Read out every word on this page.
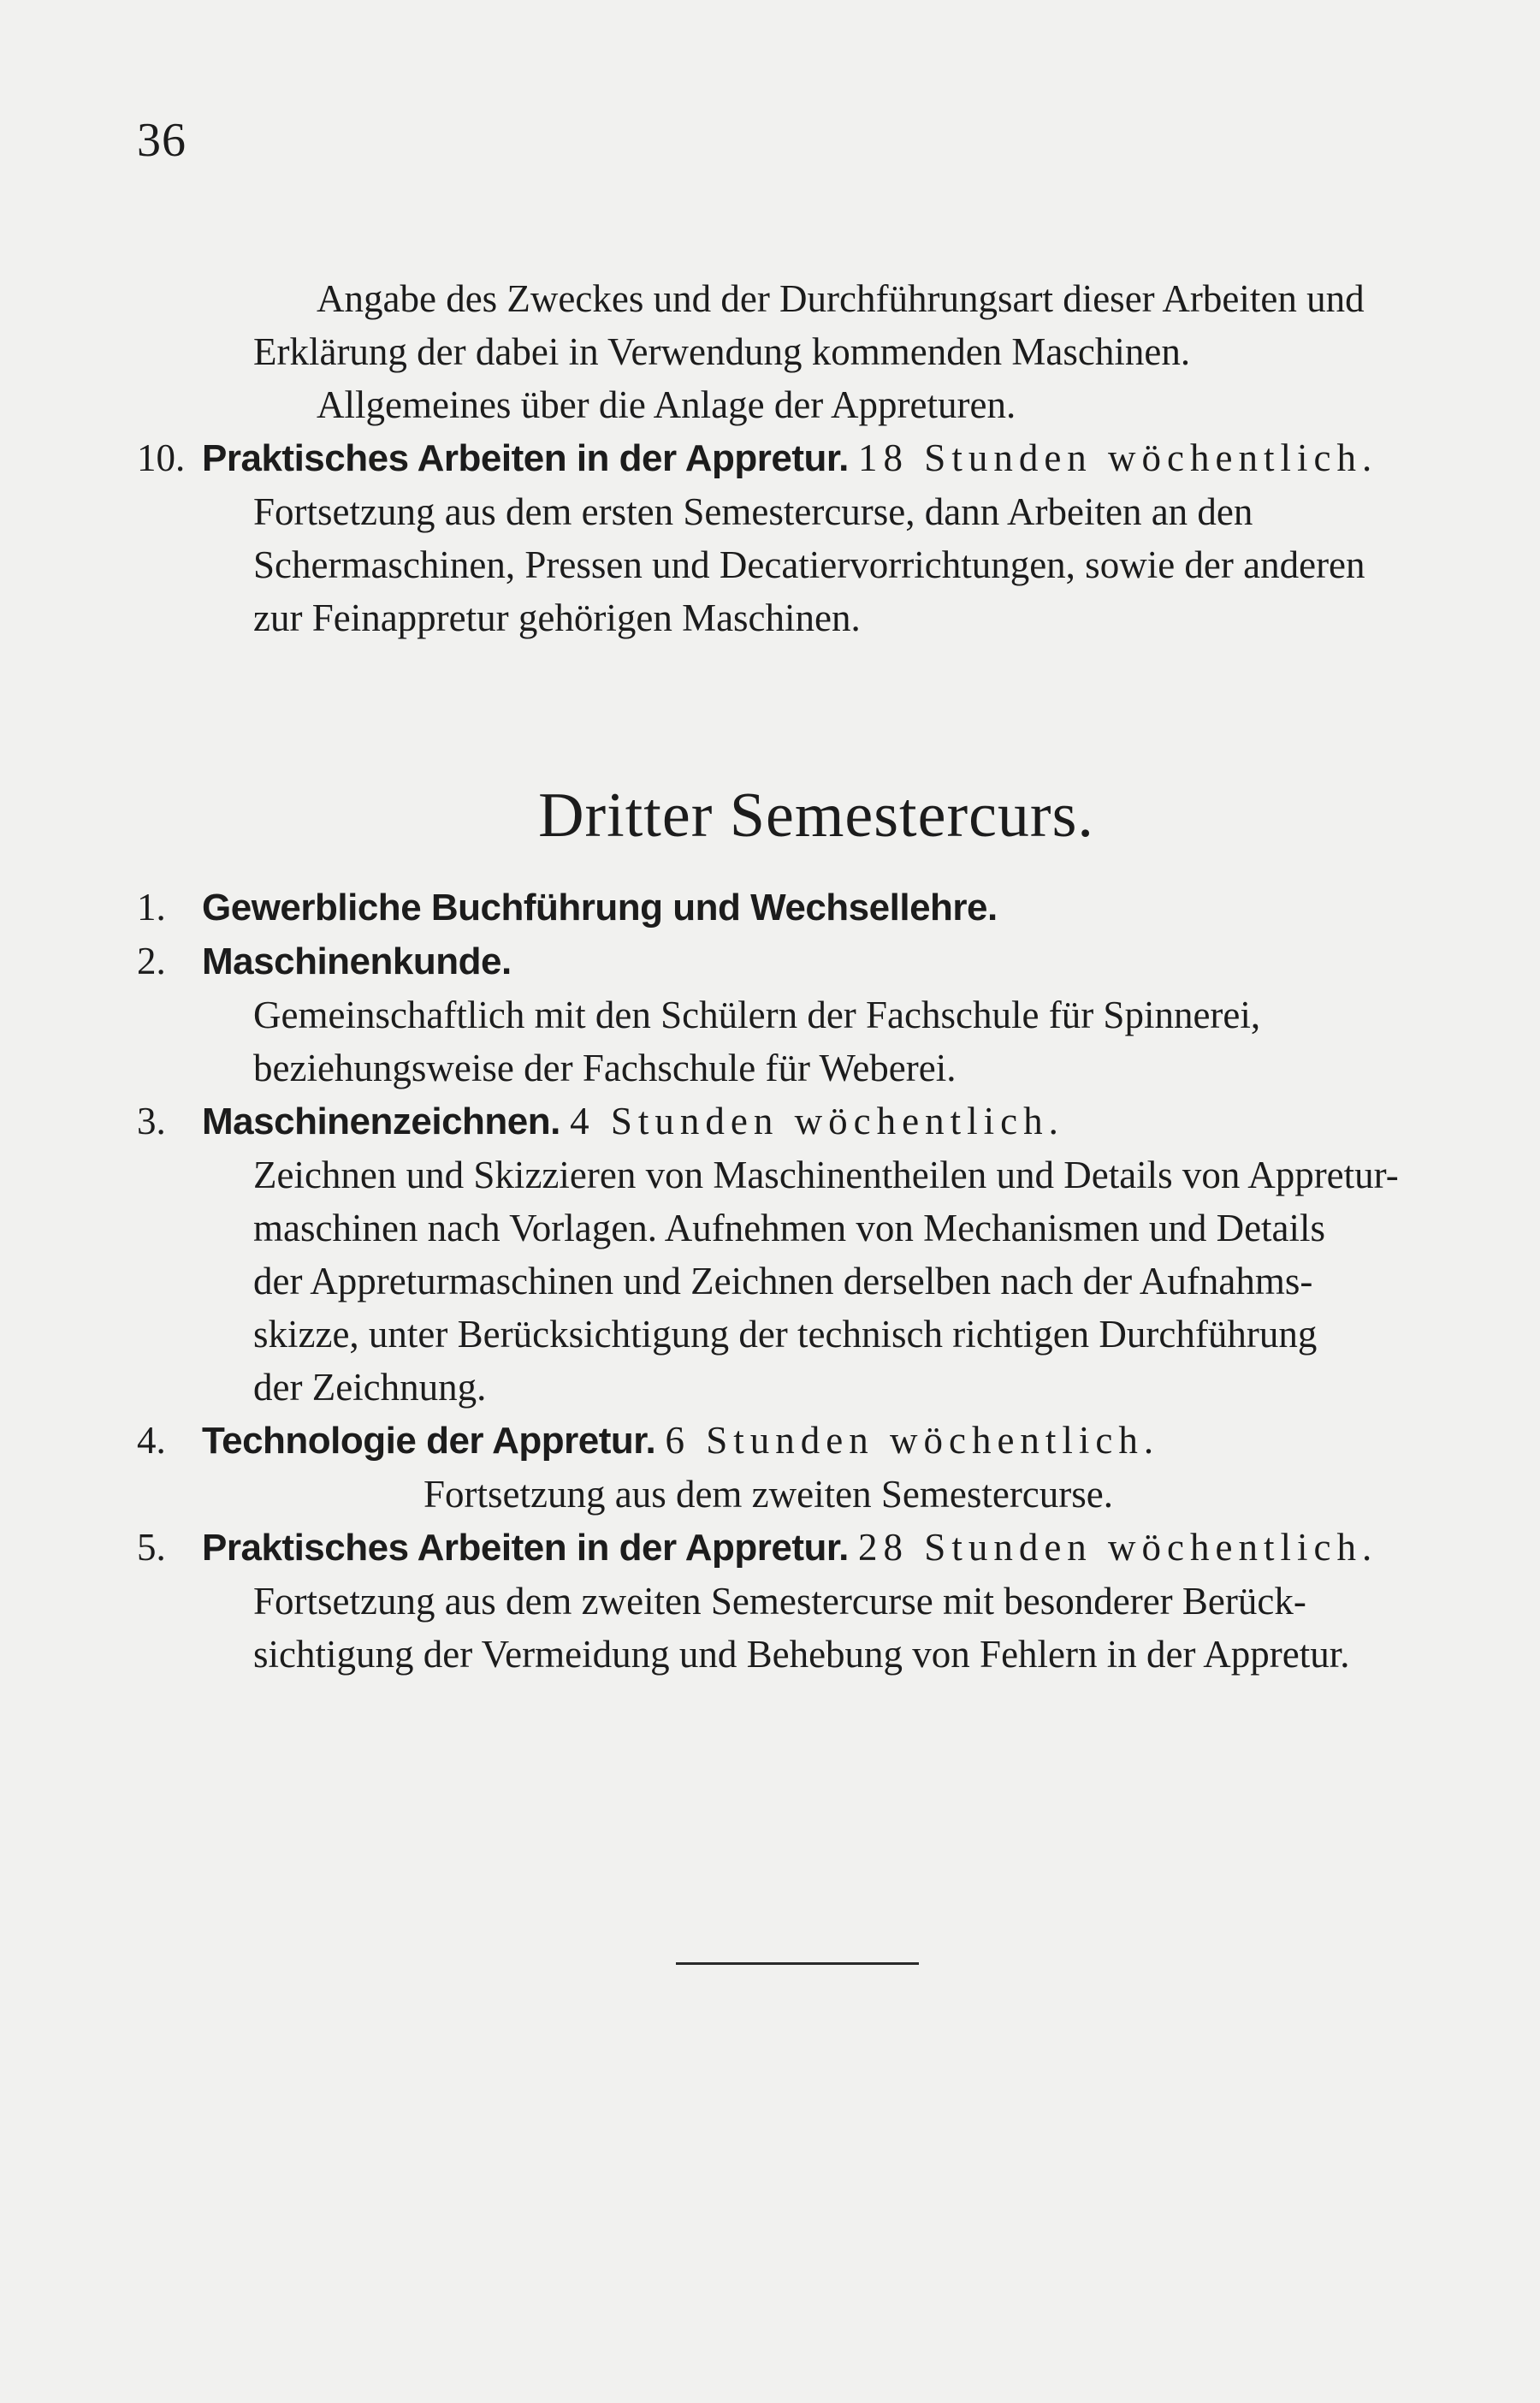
36
Angabe des Zweckes und der Durchführungsart dieser Arbeiten und
Erklärung der dabei in Verwendung kommenden Maschinen.
Allgemeines über die Anlage der Appreturen.
10. Praktisches Arbeiten in der Appretur. 18 Stunden wöchentlich.
Fortsetzung aus dem ersten Semestercurse, dann Arbeiten an den
Schermaschinen, Pressen und Decatiervorrichtungen, sowie der anderen
zur Feinappretur gehörigen Maschinen.
Dritter Semestercurs.
1. Gewerbliche Buchführung und Wechsellehre.
2. Maschinenkunde.
Gemeinschaftlich mit den Schülern der Fachschule für Spinnerei,
beziehungsweise der Fachschule für Weberei.
3. Maschinenzeichnen. 4 Stunden wöchentlich.
Zeichnen und Skizzieren von Maschinentheilen und Details von Appretur-
maschinen nach Vorlagen. Aufnehmen von Mechanismen und Details
der Appreturmaschinen und Zeichnen derselben nach der Aufnahms-
skizze, unter Berücksichtigung der technisch richtigen Durchführung
der Zeichnung.
4. Technologie der Appretur. 6 Stunden wöchentlich.
Fortsetzung aus dem zweiten Semestercurse.
5. Praktisches Arbeiten in der Appretur. 28 Stunden wöchentlich.
Fortsetzung aus dem zweiten Semestercurse mit besonderer Berück-
sichtigung der Vermeidung und Behebung von Fehlern in der Appretur.
